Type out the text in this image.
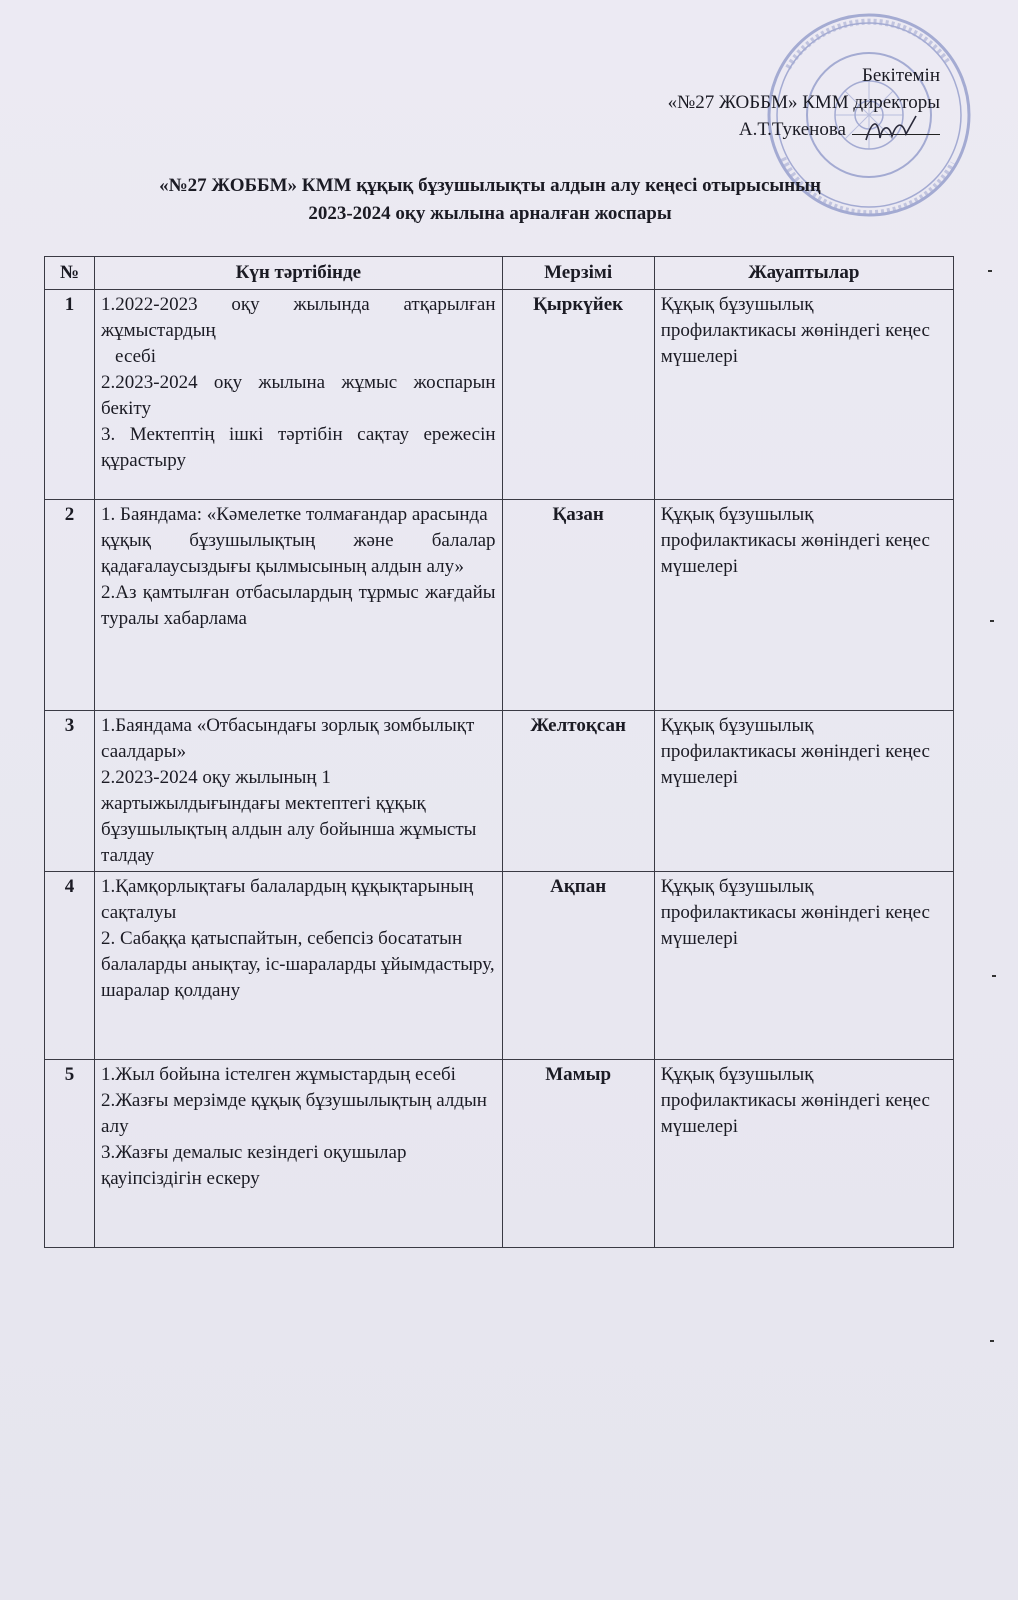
Бекітемін
«№27 ЖОББМ» КММ директоры
А.Т.Тукенова
«№27 ЖОББМ» КММ құқық бұзушылықты алдын алу кеңесі отырысының
2023-2024 оқу жылына арналған жоспары
№	Күн тәртібінде	Мерзімі	Жауаптылар
1	1.2022-2023 оқу жылында атқарылған жұмыстардың
есебі
2.2023-2024 оқу жылына жұмыс жоспарын бекіту
3. Мектептің ішкі тәртібін сақтау ережесін құрастыру	Қыркүйек	Құқық бұзушылық профилактикасы жөніндегі кеңес мүшелері
2	1. Баяндама: «Кәмелетке толмағандар арасында
құқық бұзушылықтың және балалар қадағалаусыздығы қылмысының алдын алу»
2.Аз қамтылған отбасылардың тұрмыс жағдайы туралы хабарлама	Қазан	Құқық бұзушылық профилактикасы жөніндегі кеңес мүшелері
3	1.Баяндама «Отбасындағы зорлық зомбылықт саалдары»
2.2023-2024 оқу жылының 1 жартыжылдығындағы мектептегі құқық бұзушылықтың алдын алу бойынша жұмысты талдау	Желтоқсан	Құқық бұзушылық профилактикасы жөніндегі кеңес мүшелері
4	1.Қамқорлықтағы балалардың құқықтарының сақталуы
2. Сабаққа қатыспайтын, себепсіз босататын балаларды анықтау, іс-шараларды ұйымдастыру, шаралар қолдану	Ақпан	Құқық бұзушылық профилактикасы жөніндегі кеңес мүшелері
5	1.Жыл бойына істелген жұмыстардың есебі
2.Жазғы мерзімде құқық бұзушылықтың алдын алу
3.Жазғы демалыс кезіндегі оқушылар қауіпсіздігін ескеру	Мамыр	Құқық бұзушылық профилактикасы жөніндегі кеңес мүшелері
